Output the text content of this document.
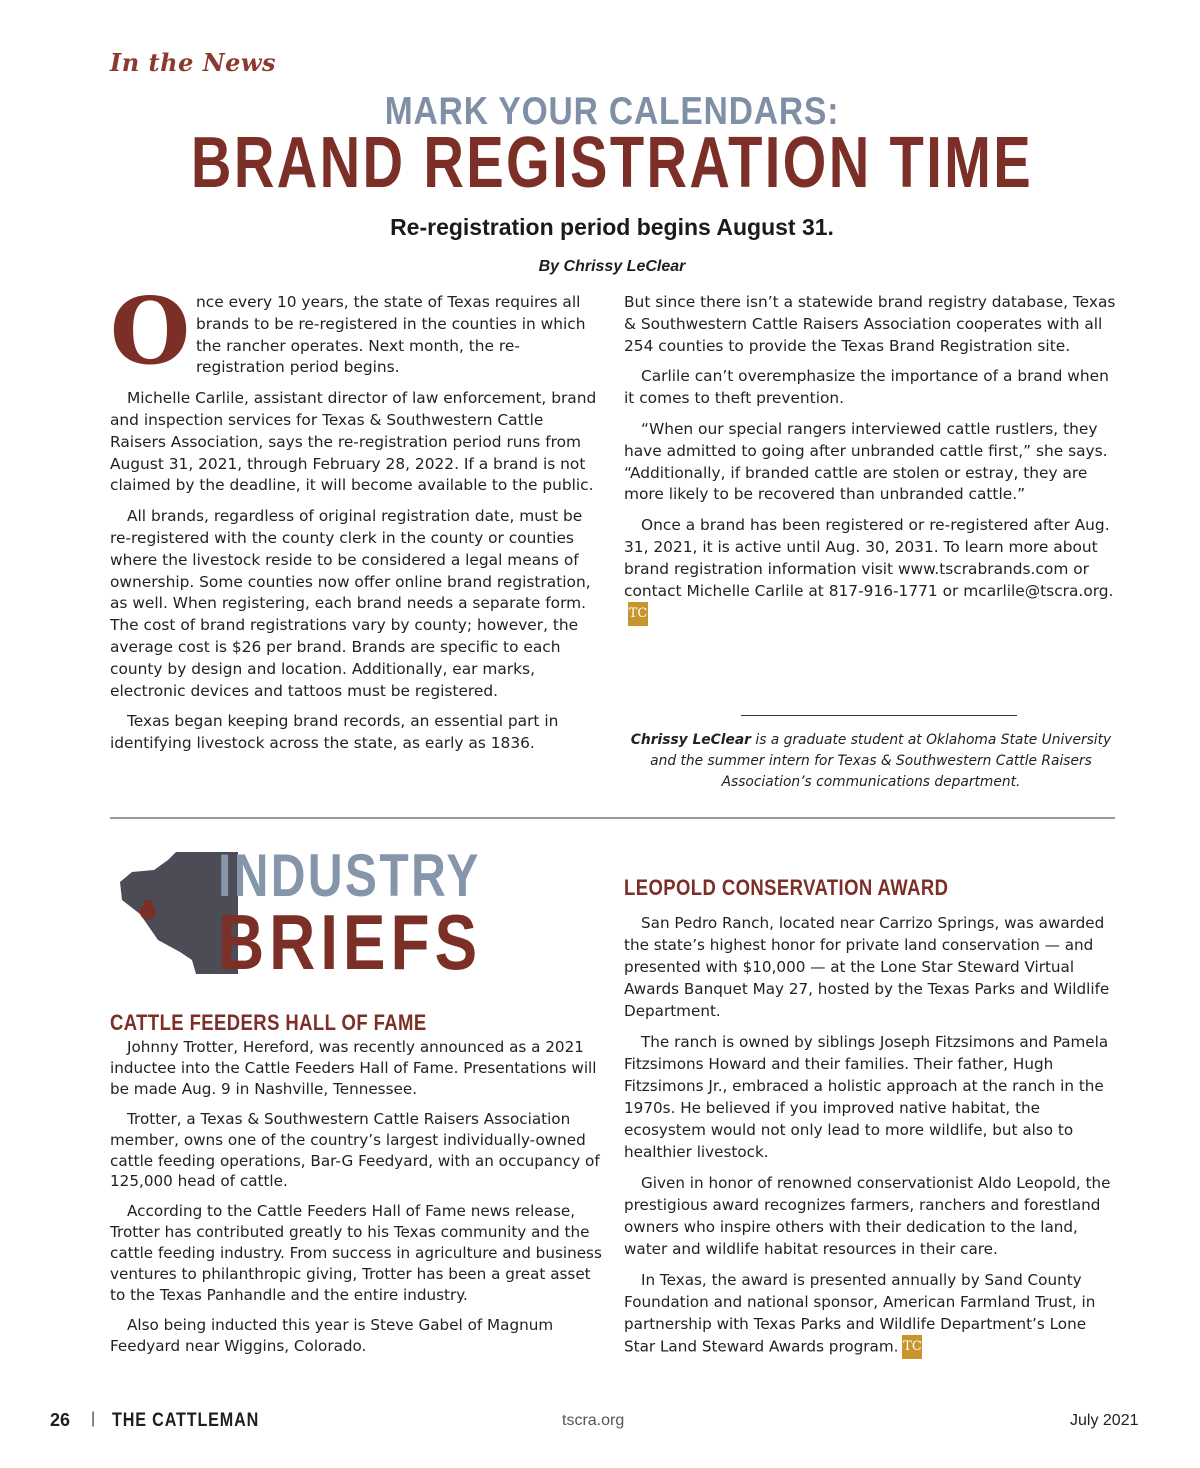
In the News
MARK YOUR CALENDARS:
BRAND REGISTRATION TIME
Re-registration period begins August 31.
By Chrissy LeClear

O nce every 10 years, the state of Texas requires all brands to be re-registered in the counties in which the rancher operates. Next month, the re-registration period begins.

Michelle Carlile, assistant director of law enforcement, brand and inspection services for Texas & Southwestern Cattle Raisers Association, says the re-registration period runs from August 31, 2021, through February 28, 2022. If a brand is not claimed by the deadline, it will become available to the public.

All brands, regardless of original registration date, must be re-registered with the county clerk in the county or counties where the livestock reside to be considered a legal means of ownership. Some counties now offer online brand registration, as well. When registering, each brand needs a separate form. The cost of brand registrations vary by county; however, the average cost is $26 per brand. Brands are specific to each county by design and location. Additionally, ear marks, electronic devices and tattoos must be registered.

Texas began keeping brand records, an essential part in identifying livestock across the state, as early as 1836.

But since there isn’t a statewide brand registry database, Texas & Southwestern Cattle Raisers Association cooperates with all 254 counties to provide the Texas Brand Registration site.

Carlile can’t overemphasize the importance of a brand when it comes to theft prevention.

“When our special rangers interviewed cattle rustlers, they have admitted to going after unbranded cattle first,” she says. “Additionally, if branded cattle are stolen or estray, they are more likely to be recovered than unbranded cattle.”

Once a brand has been registered or re-registered after Aug. 31, 2021, it is active until Aug. 30, 2031. To learn more about brand registration information visit www.tscrabrands.com or contact Michelle Carlile at 817-916-1771 or mcarlile@tscra.org.TC

Chrissy LeClear is a graduate student at Oklahoma State University and the summer intern for Texas & Southwestern Cattle Raisers Association’s communications department.
INDUSTRY
BRIEFS
CATTLE FEEDERS HALL OF FAME

Johnny Trotter, Hereford, was recently announced as a 2021 inductee into the Cattle Feeders Hall of Fame. Presentations will be made Aug. 9 in Nashville, Tennessee.

Trotter, a Texas & Southwestern Cattle Raisers Association member, owns one of the country’s largest individually-owned cattle feeding operations, Bar-G Feedyard, with an occupancy of 125,000 head of cattle.

According to the Cattle Feeders Hall of Fame news release, Trotter has contributed greatly to his Texas community and the cattle feeding industry. From success in agriculture and business ventures to philanthropic giving, Trotter has been a great asset to the Texas Panhandle and the entire industry.

Also being inducted this year is Steve Gabel of Magnum Feedyard near Wiggins, Colorado.

LEOPOLD CONSERVATION AWARD

San Pedro Ranch, located near Carrizo Springs, was awarded the state’s highest honor for private land conservation — and presented with $10,000 — at the Lone Star Steward Virtual Awards Banquet May 27, hosted by the Texas Parks and Wildlife Department.

The ranch is owned by siblings Joseph Fitzsimons and Pamela Fitzsimons Howard and their families. Their father, Hugh Fitzsimons Jr., embraced a holistic approach at the ranch in the 1970s. He believed if you improved native habitat, the ecosystem would not only lead to more wildlife, but also to healthier livestock.

Given in honor of renowned conservationist Aldo Leopold, the prestigious award recognizes farmers, ranchers and forestland owners who inspire others with their dedication to the land, water and wildlife habitat resources in their care.

In Texas, the award is presented annually by Sand County Foundation and national sponsor, American Farmland Trust, in partnership with Texas Parks and Wildlife Department’s Lone Star Land Steward Awards program. TC

26 | THE CATTLEMAN	tscra.org	July 2021
